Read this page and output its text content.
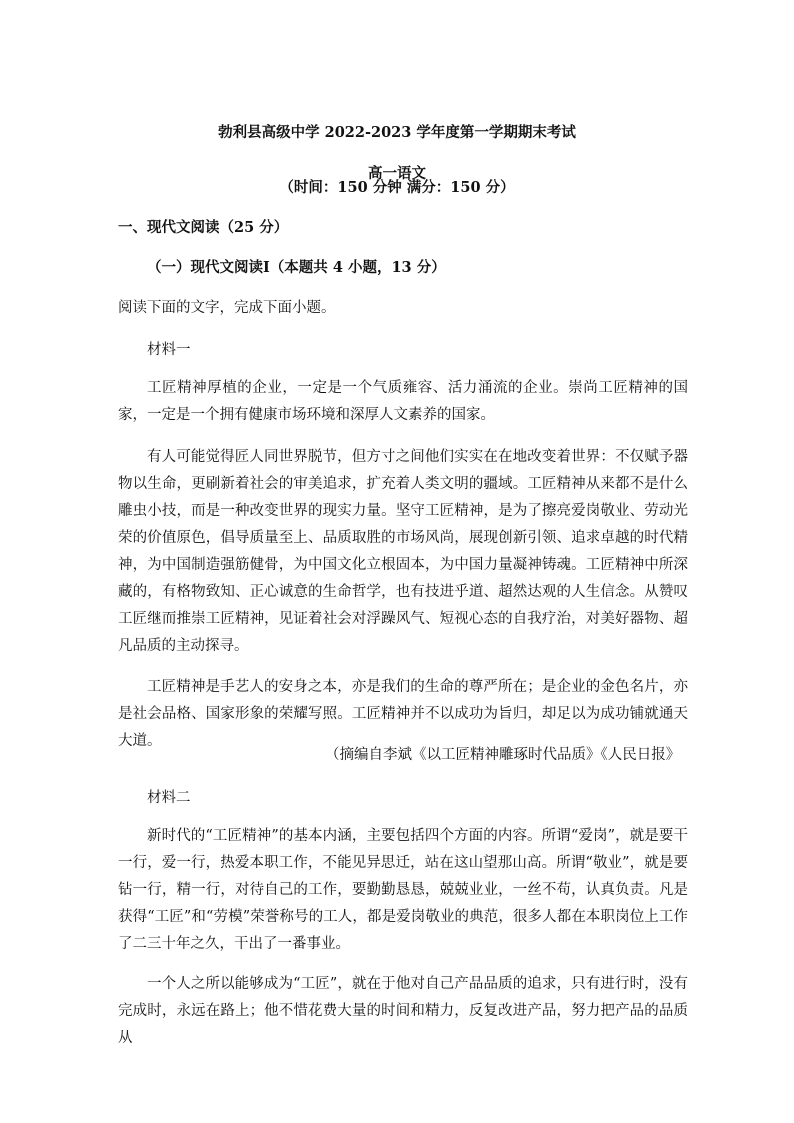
勃利县高级中学 2022-2023 学年度第一学期期末考试
高一语文
（时间：150 分钟 满分：150 分）
一、现代文阅读（25 分）
（一）现代文阅读Ⅰ（本题共 4 小题，13 分）
阅读下面的文字，完成下面小题。
材料一
工匠精神厚植的企业，一定是一个气质雍容、活力涌流的企业。崇尚工匠精神的国家，一定是一个拥有健康市场环境和深厚人文素养的国家。
有人可能觉得匠人同世界脱节，但方寸之间他们实实在在地改变着世界：不仅赋予器物以生命，更刷新着社会的审美追求，扩充着人类文明的疆域。工匠精神从来都不是什么雕虫小技，而是一种改变世界的现实力量。坚守工匠精神，是为了擦亮爱岗敬业、劳动光荣的价值原色，倡导质量至上、品质取胜的市场风尚，展现创新引领、追求卓越的时代精神，为中国制造强筋健骨，为中国文化立根固本，为中国力量凝神铸魂。工匠精神中所深藏的，有格物致知、正心诚意的生命哲学，也有技进乎道、超然达观的人生信念。从赞叹工匠继而推崇工匠精神，见证着社会对浮躁风气、短视心态的自我疗治，对美好器物、超凡品质的主动探寻。
工匠精神是手艺人的安身之本，亦是我们的生命的尊严所在；是企业的金色名片，亦是社会品格、国家形象的荣耀写照。工匠精神并不以成功为旨归，却足以为成功铺就通天大道。
（摘编自李斌《以工匠精神雕琢时代品质》《人民日报》
材料二
新时代的“工匠精神”的基本内涵，主要包括四个方面的内容。所谓“爱岗”，就是要干一行，爱一行，热爱本职工作，不能见异思迁，站在这山望那山高。所谓“敬业”，就是要钻一行，精一行，对待自己的工作，要勤勤恳恳，兢兢业业，一丝不苟，认真负责。凡是获得“工匠”和“劳模”荣誉称号的工人，都是爱岗敬业的典范，很多人都在本职岗位上工作了二三十年之久，干出了一番事业。
一个人之所以能够成为“工匠”，就在于他对自己产品品质的追求，只有进行时，没有完成时，永远在路上；他不惜花费大量的时间和精力，反复改进产品，努力把产品的品质从
